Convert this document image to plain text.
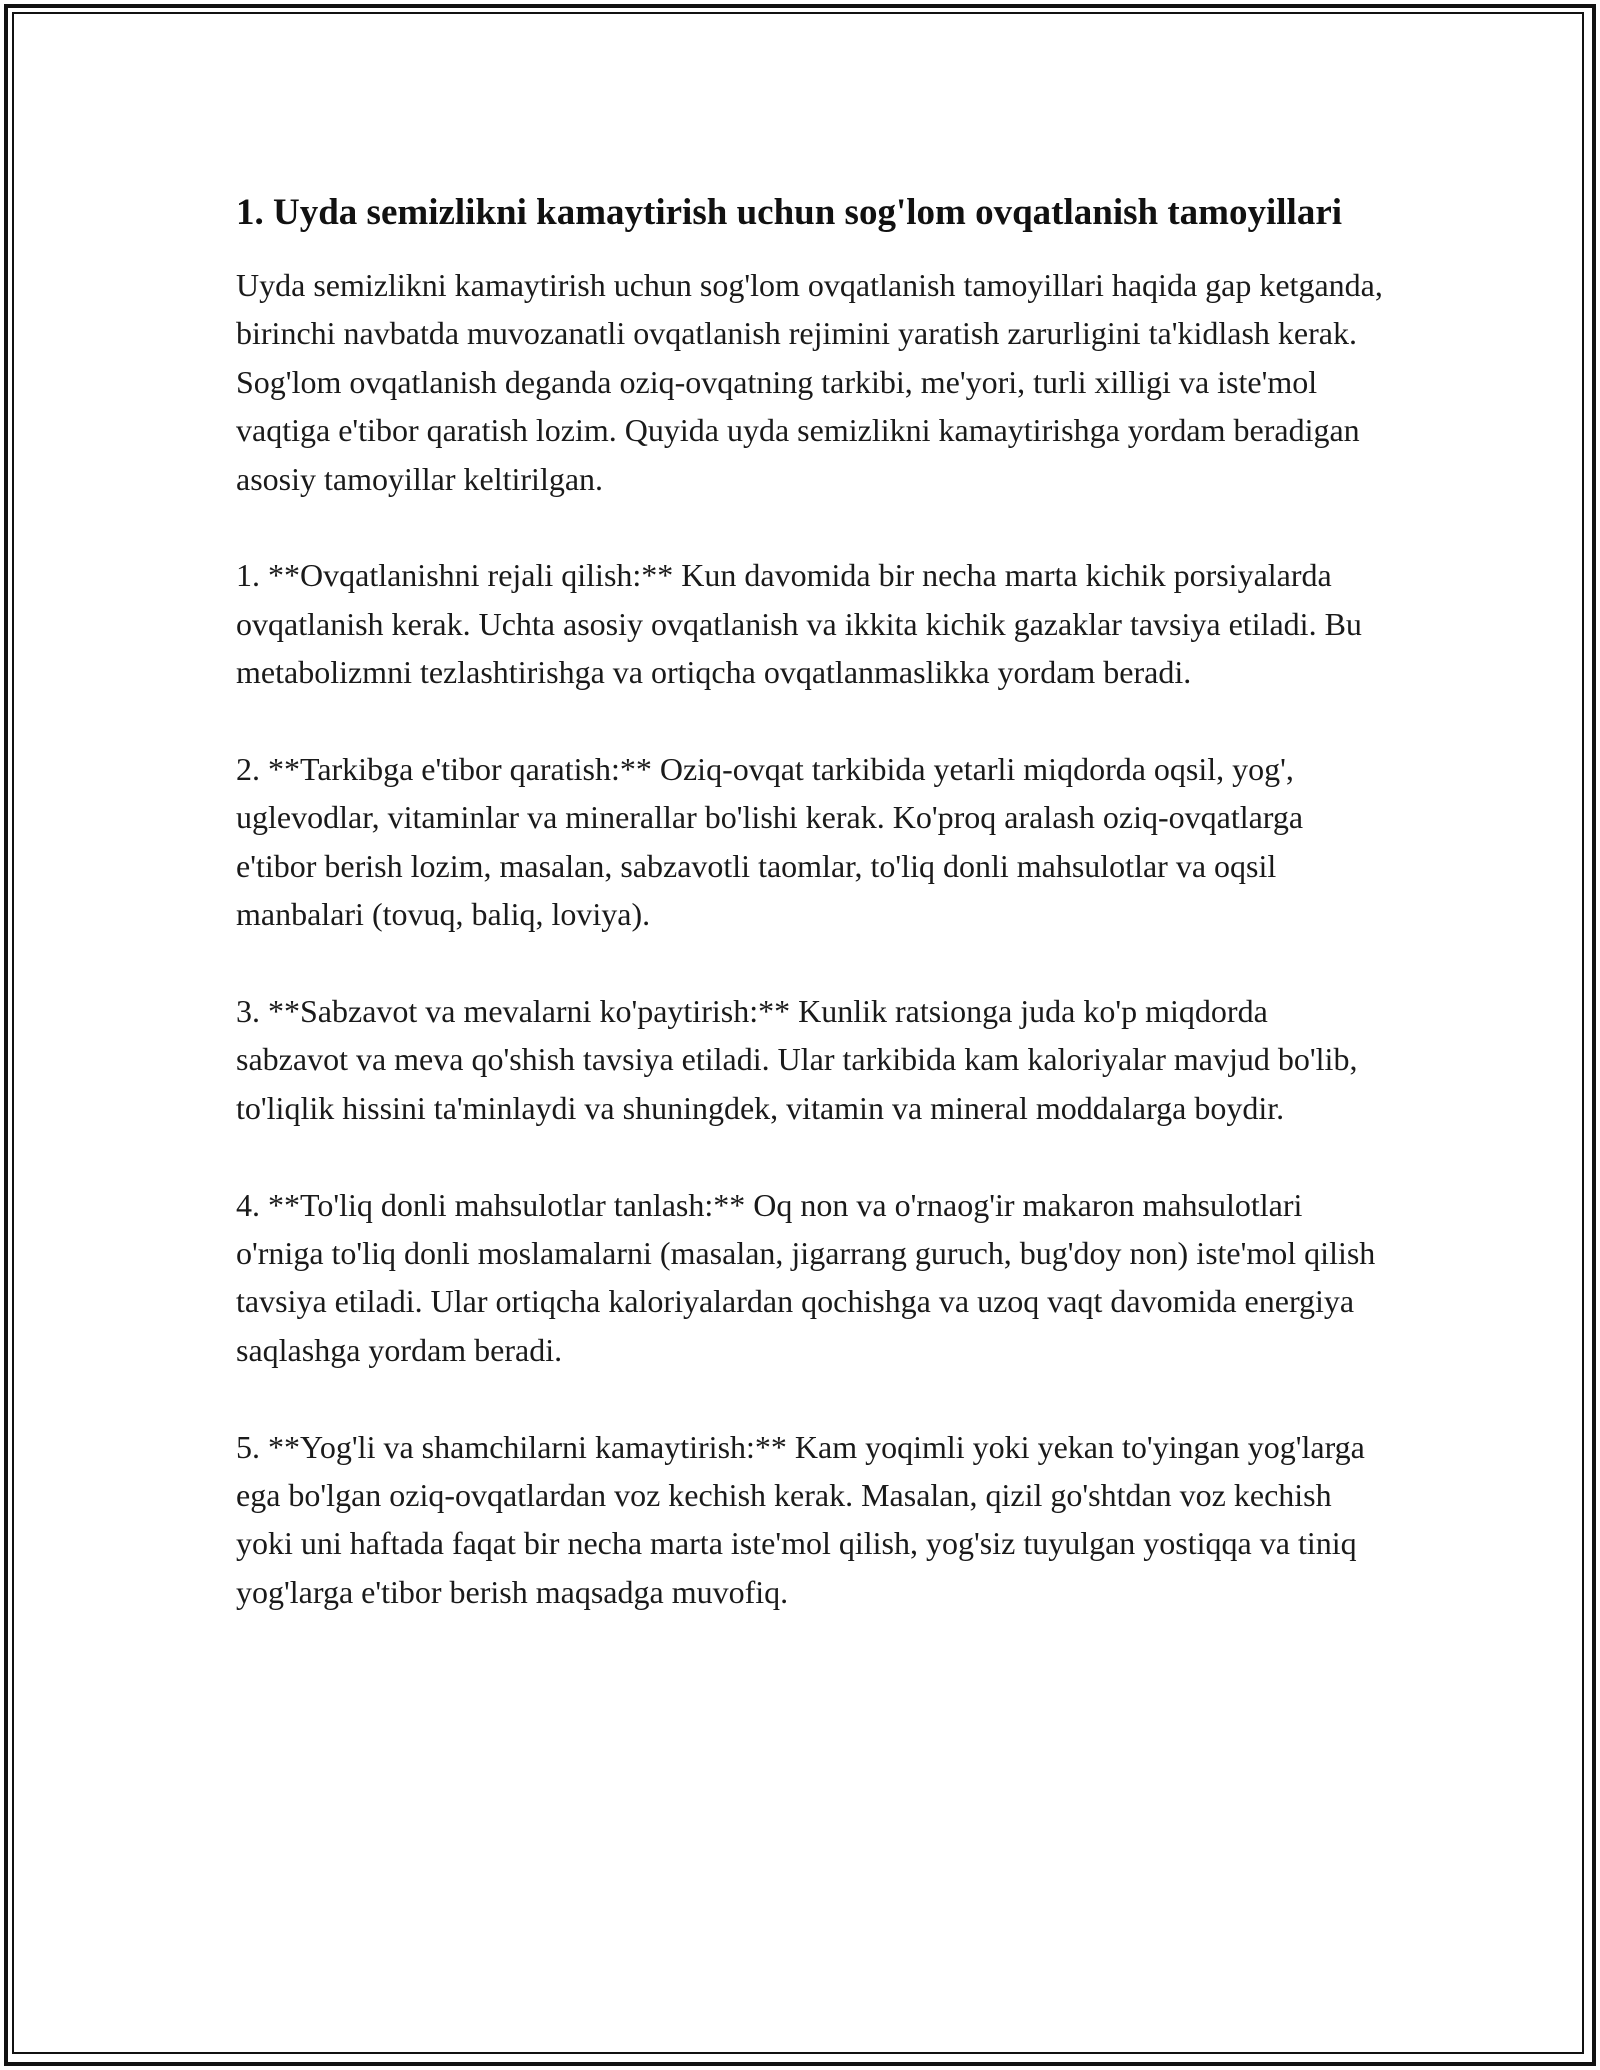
1. Uyda semizlikni kamaytirish uchun sog'lom ovqatlanish tamoyillari

Uyda semizlikni kamaytirish uchun sog'lom ovqatlanish tamoyillari haqida gap ketganda, birinchi navbatda muvozanatli ovqatlanish rejimini yaratish zarurligini ta'kidlash kerak. Sog'lom ovqatlanish deganda oziq-ovqatning tarkibi, me'yori, turli xilligi va iste'mol vaqtiga e'tibor qaratish lozim. Quyida uyda semizlikni kamaytirishga yordam beradigan asosiy tamoyillar keltirilgan.

1. **Ovqatlanishni rejali qilish:** Kun davomida bir necha marta kichik porsiyalarda ovqatlanish kerak. Uchta asosiy ovqatlanish va ikkita kichik gazaklar tavsiya etiladi. Bu metabolizmni tezlashtirishga va ortiqcha ovqatlanmaslikka yordam beradi.

2. **Tarkibga e'tibor qaratish:** Oziq-ovqat tarkibida yetarli miqdorda oqsil, yog', uglevodlar, vitaminlar va minerallar bo'lishi kerak. Ko'proq aralash oziq-ovqatlarga e'tibor berish lozim, masalan, sabzavotli taomlar, to'liq donli mahsulotlar va oqsil manbalari (tovuq, baliq, loviya).

3. **Sabzavot va mevalarni ko'paytirish:** Kunlik ratsionga juda ko'p miqdorda sabzavot va meva qo'shish tavsiya etiladi. Ular tarkibida kam kaloriyalar mavjud bo'lib, to'liqlik hissini ta'minlaydi va shuningdek, vitamin va mineral moddalarga boydir.

4. **To'liq donli mahsulotlar tanlash:** Oq non va o'rnaog'ir makaron mahsulotlari o'rniga to'liq donli moslamalarni (masalan, jigarrang guruch, bug'doy non) iste'mol qilish tavsiya etiladi. Ular ortiqcha kaloriyalardan qochishga va uzoq vaqt davomida energiya saqlashga yordam beradi.

5. **Yog'li va shamchilarni kamaytirish:** Kam yoqimli yoki yekan to'yingan yog'larga ega bo'lgan oziq-ovqatlardan voz kechish kerak. Masalan, qizil go'shtdan voz kechish yoki uni haftada faqat bir necha marta iste'mol qilish, yog'siz tuyulgan yostiqqa va tiniq yog'larga e'tibor berish maqsadga muvofiq.
